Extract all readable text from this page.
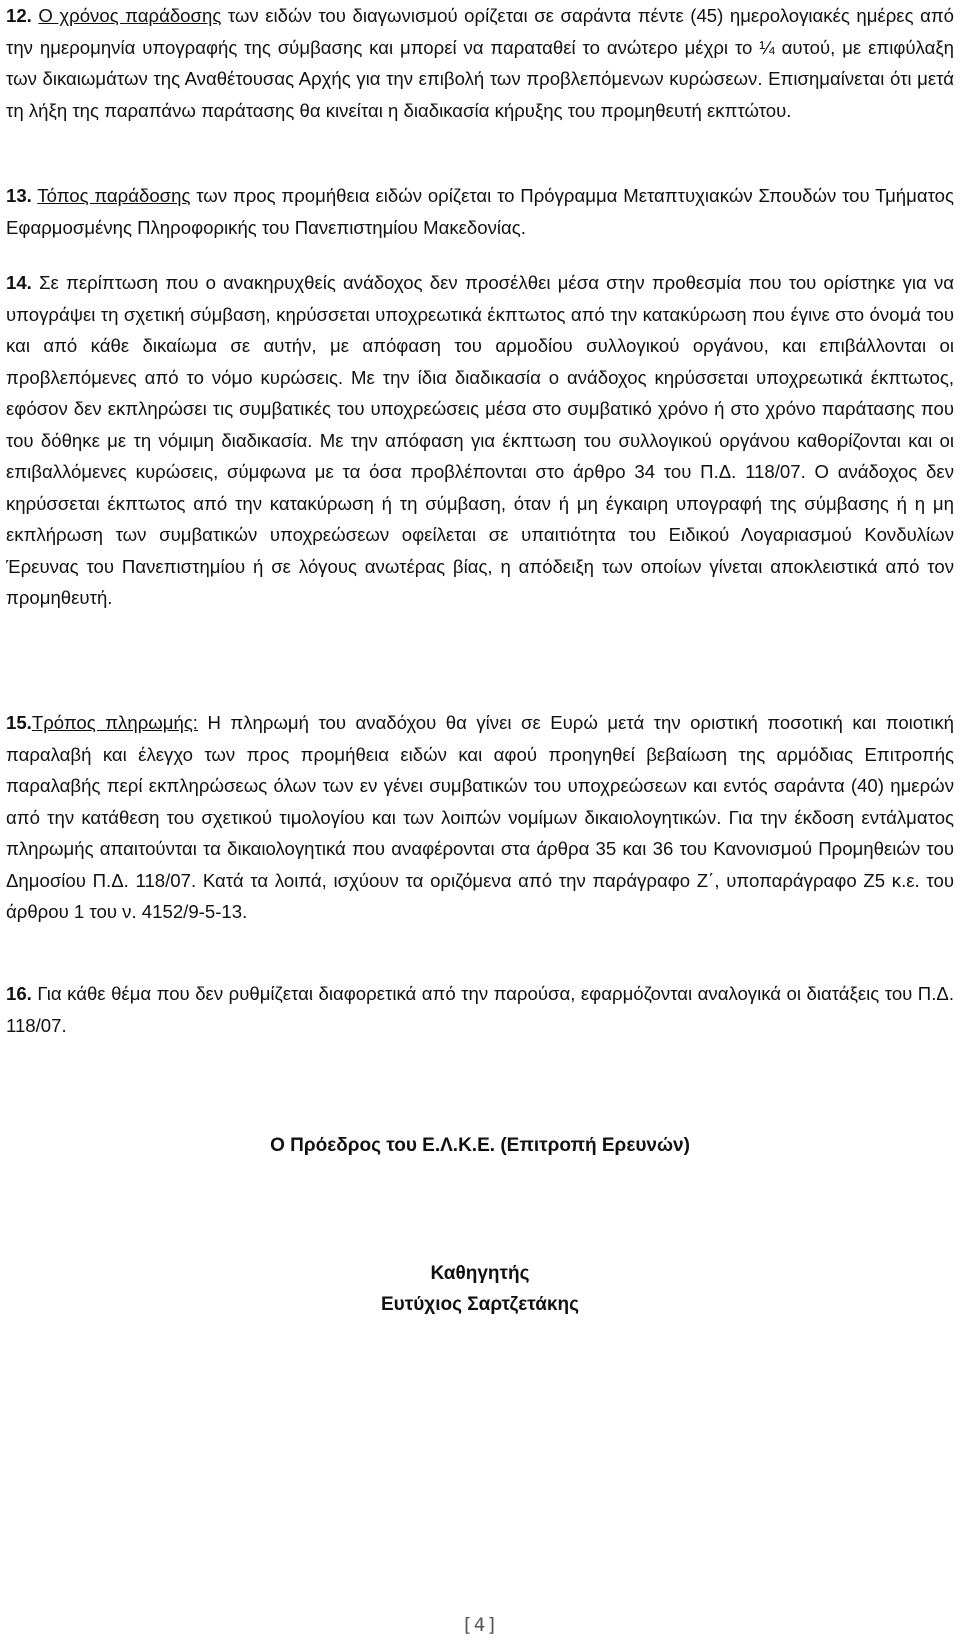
12. Ο χρόνος παράδοσης των ειδών του διαγωνισμού ορίζεται σε σαράντα πέντε (45) ημερολογιακές ημέρες από την ημερομηνία υπογραφής της σύμβασης και μπορεί να παραταθεί το ανώτερο μέχρι το ¼ αυτού, με επιφύλαξη των δικαιωμάτων της Αναθέτουσας Αρχής για την επιβολή των προβλεπόμενων κυρώσεων. Επισημαίνεται ότι μετά τη λήξη της παραπάνω παράτασης θα κινείται η διαδικασία κήρυξης του προμηθευτή εκπτώτου.

13. Τόπος παράδοσης των προς προμήθεια ειδών ορίζεται το Πρόγραμμα Μεταπτυχιακών Σπουδών του Τμήματος Εφαρμοσμένης Πληροφορικής του Πανεπιστημίου Μακεδονίας.

14. Σε περίπτωση που ο ανακηρυχθείς ανάδοχος δεν προσέλθει μέσα στην προθεσμία που του ορίστηκε για να υπογράψει τη σχετική σύμβαση, κηρύσσεται υποχρεωτικά έκπτωτος από την κατακύρωση που έγινε στο όνομά του και από κάθε δικαίωμα σε αυτήν, με απόφαση του αρμοδίου συλλογικού οργάνου, και επιβάλλονται οι προβλεπόμενες από το νόμο κυρώσεις. Με την ίδια διαδικασία ο ανάδοχος κηρύσσεται υποχρεωτικά έκπτωτος, εφόσον δεν εκπληρώσει τις συμβατικές του υποχρεώσεις μέσα στο συμβατικό χρόνο ή στο χρόνο παράτασης που του δόθηκε με τη νόμιμη διαδικασία. Με την απόφαση για έκπτωση του συλλογικού οργάνου καθορίζονται και οι επιβαλλόμενες κυρώσεις, σύμφωνα με τα όσα προβλέπονται στο άρθρο 34 του Π.Δ. 118/07. Ο ανάδοχος δεν κηρύσσεται έκπτωτος από την κατακύρωση ή τη σύμβαση, όταν ή μη έγκαιρη υπογραφή της σύμβασης ή η μη εκπλήρωση των συμβατικών υποχρεώσεων οφείλεται σε υπαιτιότητα του Ειδικού Λογαριασμού Κονδυλίων Έρευνας του Πανεπιστημίου ή σε λόγους ανωτέρας βίας, η απόδειξη των οποίων γίνεται αποκλειστικά από τον προμηθευτή.

15.Τρόπος πληρωμής: Η πληρωμή του αναδόχου θα γίνει σε Ευρώ μετά την οριστική ποσοτική και ποιοτική παραλαβή και έλεγχο των προς προμήθεια ειδών και αφού προηγηθεί βεβαίωση της αρμόδιας Επιτροπής παραλαβής περί εκπληρώσεως όλων των εν γένει συμβατικών του υποχρεώσεων και εντός σαράντα (40) ημερών από την κατάθεση του σχετικού τιμολογίου και των λοιπών νομίμων δικαιολογητικών. Για την έκδοση εντάλματος πληρωμής απαιτούνται τα δικαιολογητικά που αναφέρονται στα άρθρα 35 και 36 του Κανονισμού Προμηθειών του Δημοσίου Π.Δ. 118/07. Κατά τα λοιπά, ισχύουν τα οριζόμενα από την παράγραφο Ζ΄, υποπαράγραφο Ζ5 κ.ε. του άρθρου 1 του ν. 4152/9-5-13.

16. Για κάθε θέμα που δεν ρυθμίζεται διαφορετικά από την παρούσα, εφαρμόζονται αναλογικά οι διατάξεις του Π.Δ. 118/07.

Ο Πρόεδρος του Ε.Λ.Κ.Ε. (Επιτροπή Ερευνών)
Καθηγητής
Ευτύχιος Σαρτζετάκης
[4]
